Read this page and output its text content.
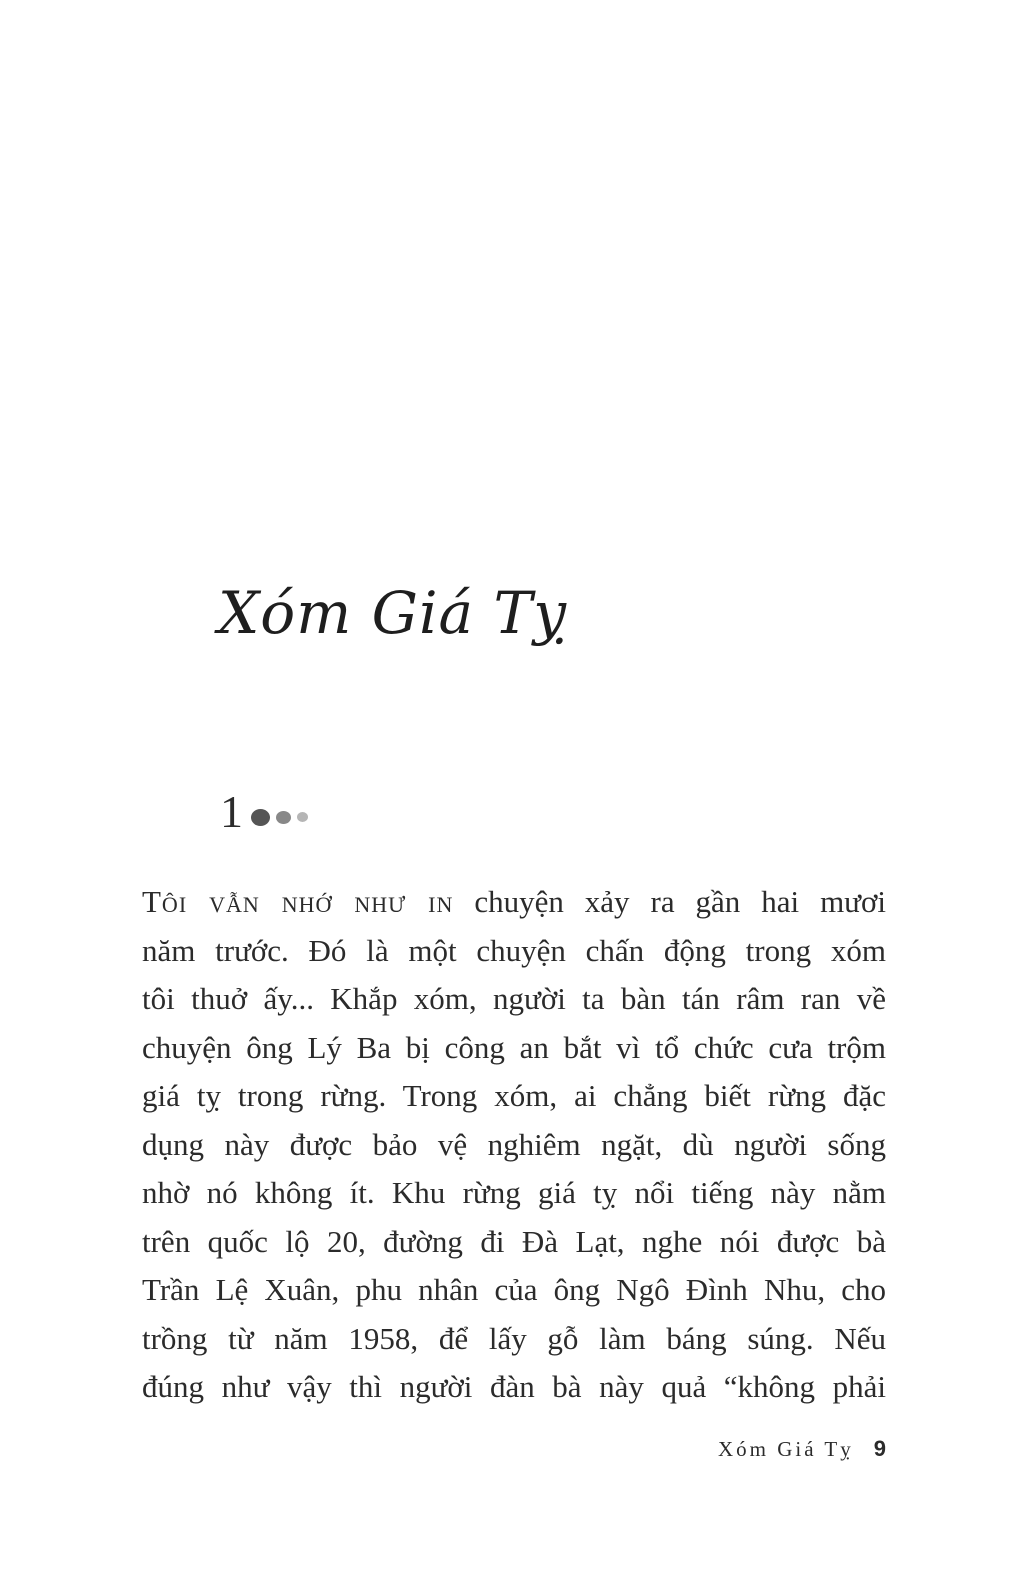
Xóm Giá Tỵ
1
Tôi vẫn nhớ như in chuyện xảy ra gần hai mươi
năm trước. Đó là một chuyện chấn động trong xóm
tôi thuở ấy... Khắp xóm, người ta bàn tán râm ran về
chuyện ông Lý Ba bị công an bắt vì tổ chức cưa trộm
giá tỵ trong rừng. Trong xóm, ai chẳng biết rừng đặc
dụng này được bảo vệ nghiêm ngặt, dù người sống
nhờ nó không ít. Khu rừng giá tỵ nổi tiếng này nằm
trên quốc lộ 20, đường đi Đà Lạt, nghe nói được bà
Trần Lệ Xuân, phu nhân của ông Ngô Đình Nhu, cho
trồng từ năm 1958, để lấy gỗ làm báng súng. Nếu
đúng như vậy thì người đàn bà này quả “không phải
Xóm Giá Tỵ 9
